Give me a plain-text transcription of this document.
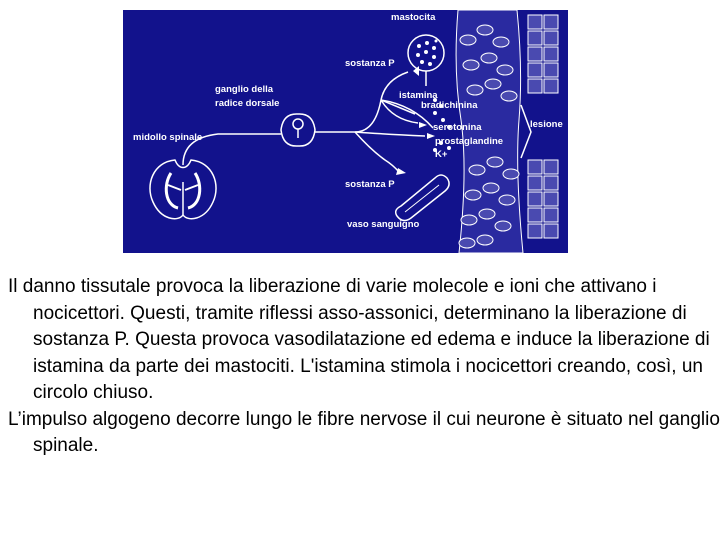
mastocita
sostanza P
ganglio della
radice dorsale
istamina
bradichinina
midollo spinale
serotonina	lesione
prostaglandine
K+
sostanza P
vaso sanguigno

Il danno tissutale provoca la liberazione di varie molecole e ioni che attivano i nocicettori. Questi, tramite riflessi asso-assonici, determinano la liberazione di sostanza P. Questa provoca vasodilatazione ed edema e induce la liberazione di istamina da parte dei mastociti. L'istamina stimola i nocicettori creando, così, un circolo chiuso.

L’impulso algogeno decorre lungo le fibre nervose il cui neurone è situato nel ganglio spinale.
